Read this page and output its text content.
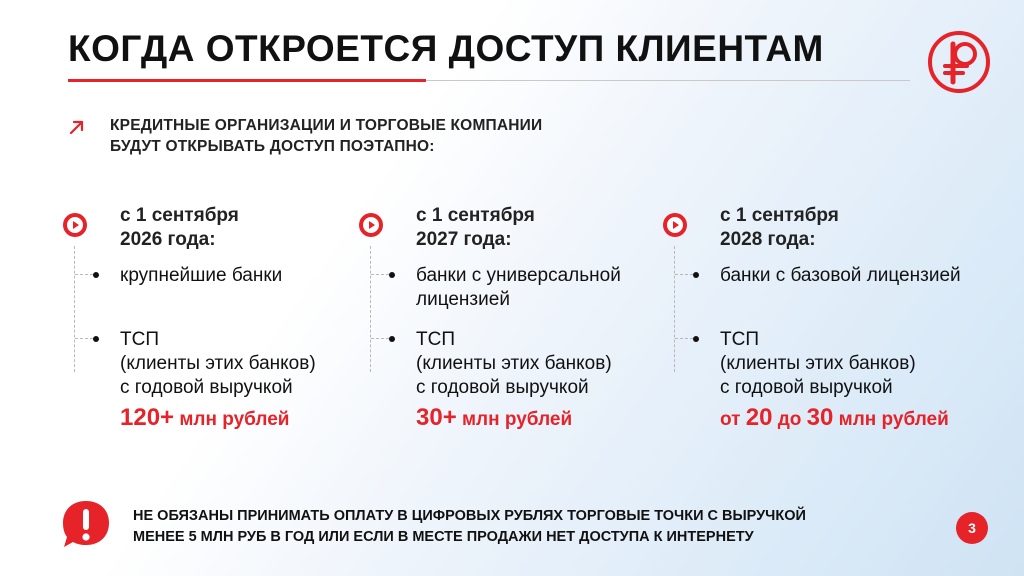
КОГДА ОТКРОЕТСЯ ДОСТУП КЛИЕНТАМ
КРЕДИТНЫЕ ОРГАНИЗАЦИИ И ТОРГОВЫЕ КОМПАНИИ
БУДУТ ОТКРЫВАТЬ ДОСТУП ПОЭТАПНО:
с 1 сентября
2026 года:
крупнейшие банки
ТСП
(клиенты этих банков)
с годовой выручкой
120+ млн рублей
с 1 сентября
2027 года:
банки с универсальной
лицензией
ТСП
(клиенты этих банков)
с годовой выручкой
30+ млн рублей
с 1 сентября
2028 года:
банки с базовой лицензией
ТСП
(клиенты этих банков)
с годовой выручкой
от 20 до 30 млн рублей
НЕ ОБЯЗАНЫ ПРИНИМАТЬ ОПЛАТУ В ЦИФРОВЫХ РУБЛЯХ ТОРГОВЫЕ ТОЧКИ С ВЫРУЧКОЙ
МЕНЕЕ 5 МЛН РУБ В ГОД ИЛИ ЕСЛИ В МЕСТЕ ПРОДАЖИ НЕТ ДОСТУПА К ИНТЕРНЕТУ
3
